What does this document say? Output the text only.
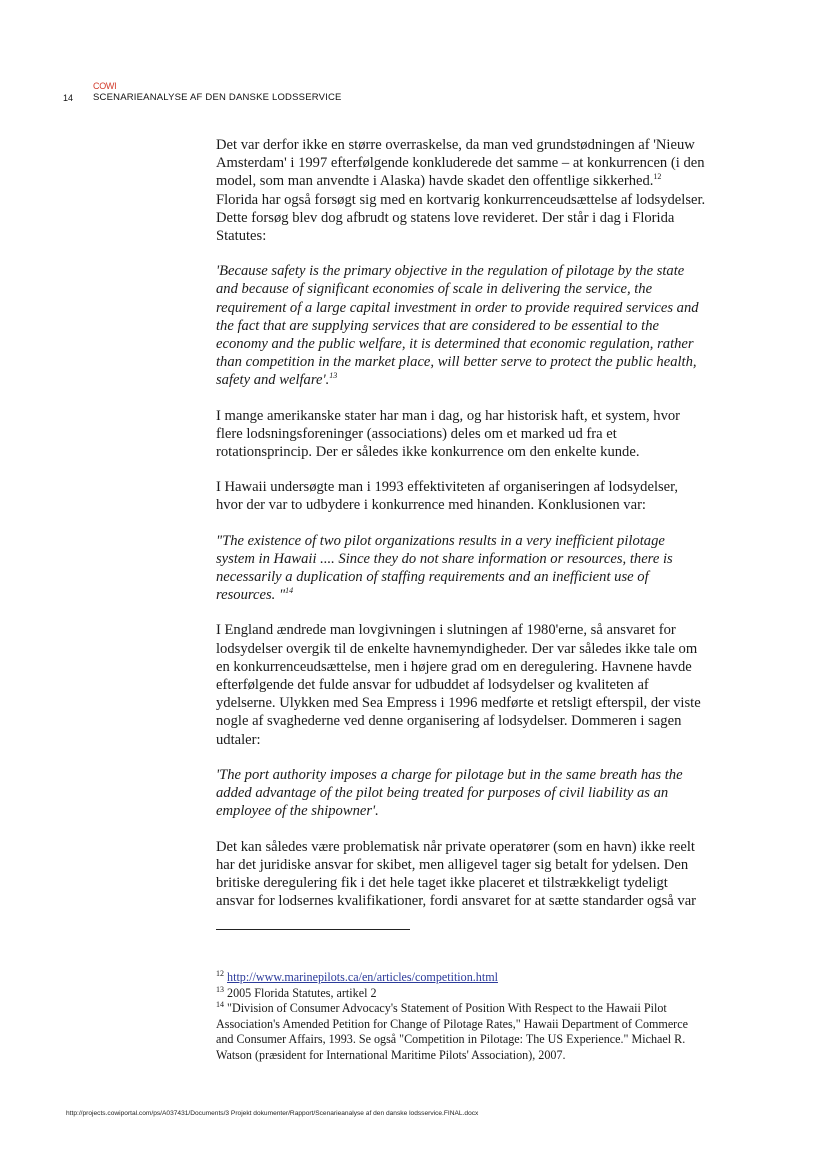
COWI
14 SCENARIEANALYSE AF DEN DANSKE LODSSERVICE

Det var derfor ikke en større overraskelse, da man ved grundstødningen af 'Nieuw Amsterdam' i 1997 efterfølgende konkluderede det samme – at konkurrencen (i den model, som man anvendte i Alaska) havde skadet den offentlige sikkerhed.$^{12}$ Florida har også forsøgt sig med en kortvarig konkurrenceudsættelse af lodsydelser. Dette forsøg blev dog afbrudt og statens love revideret. Der står i dag i Florida Statutes:

'Because safety is the primary objective in the regulation of pilotage by the state and because of significant economies of scale in delivering the service, the requirement of a large capital investment in order to provide required services and the fact that are supplying services that are considered to be essential to the economy and the public welfare, it is determined that economic regulation, rather than competition in the market place, will better serve to protect the public health, safety and welfare'.$^{13}$

I mange amerikanske stater har man i dag, og har historisk haft, et system, hvor flere lodsningsforeninger (associations) deles om et marked ud fra et rotationsprincip. Der er således ikke konkurrence om den enkelte kunde.

I Hawaii undersøgte man i 1993 effektiviteten af organiseringen af lodsydelser, hvor der var to udbydere i konkurrence med hinanden. Konklusionen var:

"The existence of two pilot organizations results in a very inefficient pilotage system in Hawaii .... Since they do not share information or resources, there is necessarily a duplication of staffing requirements and an inefficient use of resources. "$^{14}$

I England ændrede man lovgivningen i slutningen af 1980'erne, så ansvaret for lodsydelser overgik til de enkelte havnemyndigheder. Der var således ikke tale om en konkurrenceudsættelse, men i højere grad om en deregulering. Havnene havde efterfølgende det fulde ansvar for udbuddet af lodsydelser og kvaliteten af ydelserne. Ulykken med Sea Empress i 1996 medførte et retsligt efterspil, der viste nogle af svaghederne ved denne organisering af lodsydelser. Dommeren i sagen udtaler:

'The port authority imposes a charge for pilotage but in the same breath has the added advantage of the pilot being treated for purposes of civil liability as an employee of the shipowner'.

Det kan således være problematisk når private operatører (som en havn) ikke reelt har det juridiske ansvar for skibet, men alligevel tager sig betalt for ydelsen. Den britiske deregulering fik i det hele taget ikke placeret et tilstrækkeligt tydeligt ansvar for lodsernes kvalifikationer, fordi ansvaret for at sætte standarder også var

$^{12}$ http://www.marinepilots.ca/en/articles/competition.html

$^{13}$ 2005 Florida Statutes, artikel 2

$^{14}$ "Division of Consumer Advocacy's Statement of Position With Respect to the Hawaii Pilot Association's Amended Petition for Change of Pilotage Rates," Hawaii Department of Commerce and Consumer Affairs, 1993. Se også "Competition in Pilotage: The US Experience." Michael R. Watson (præsident for International Maritime Pilots' Association), 2007.

http://projects.cowiportal.com/ps/A037431/Documents/3 Projekt dokumenter/Rapport/Scenarieanalyse af den danske lodsservice.FINAL.docx
